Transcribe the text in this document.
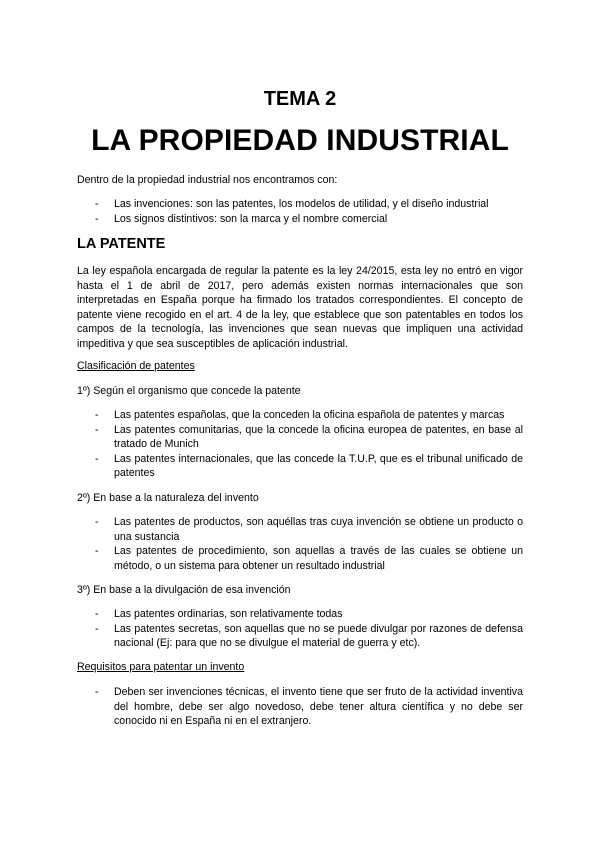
TEMA 2
LA PROPIEDAD INDUSTRIAL
Dentro de la propiedad industrial nos encontramos con:
- Las invenciones: son las patentes, los modelos de utilidad, y el diseño industrial
- Los signos distintivos: son la marca y el nombre comercial
LA PATENTE
La ley española encargada de regular la patente es la ley 24/2015, esta ley no entró en vigor hasta el 1 de abril de 2017, pero además existen normas internacionales que son interpretadas en España porque ha firmado los tratados correspondientes. El concepto de patente viene recogido en el art. 4 de la ley, que establece que son patentables en todos los campos de la tecnología, las invenciones que sean nuevas que impliquen una actividad impeditiva y que sea susceptibles de aplicación industrial.
Clasificación de patentes
1º) Según el organismo que concede la patente
- Las patentes españolas, que la conceden la oficina española de patentes y marcas
- Las patentes comunitarias, que la concede la oficina europea de patentes, en base al tratado de Munich
- Las patentes internacionales, que las concede la T.U.P, que es el tribunal unificado de patentes
2º) En base a la naturaleza del invento
- Las patentes de productos, son aquéllas tras cuya invención se obtiene un producto o una sustancia
- Las patentes de procedimiento, son aquellas a través de las cuales se obtiene un método, o un sistema para obtener un resultado industrial
3º) En base a la divulgación de esa invención
- Las patentes ordinarias, son relativamente todas
- Las patentes secretas, son aquellas que no se puede divulgar por razones de defensa nacional (Ej: para que no se divulgue el material de guerra y etc).
Requisitos para patentar un invento
- Deben ser invenciones técnicas, el invento tiene que ser fruto de la actividad inventiva del hombre, debe ser algo novedoso, debe tener altura científica y no debe ser conocido ni en España ni en el extranjero.
